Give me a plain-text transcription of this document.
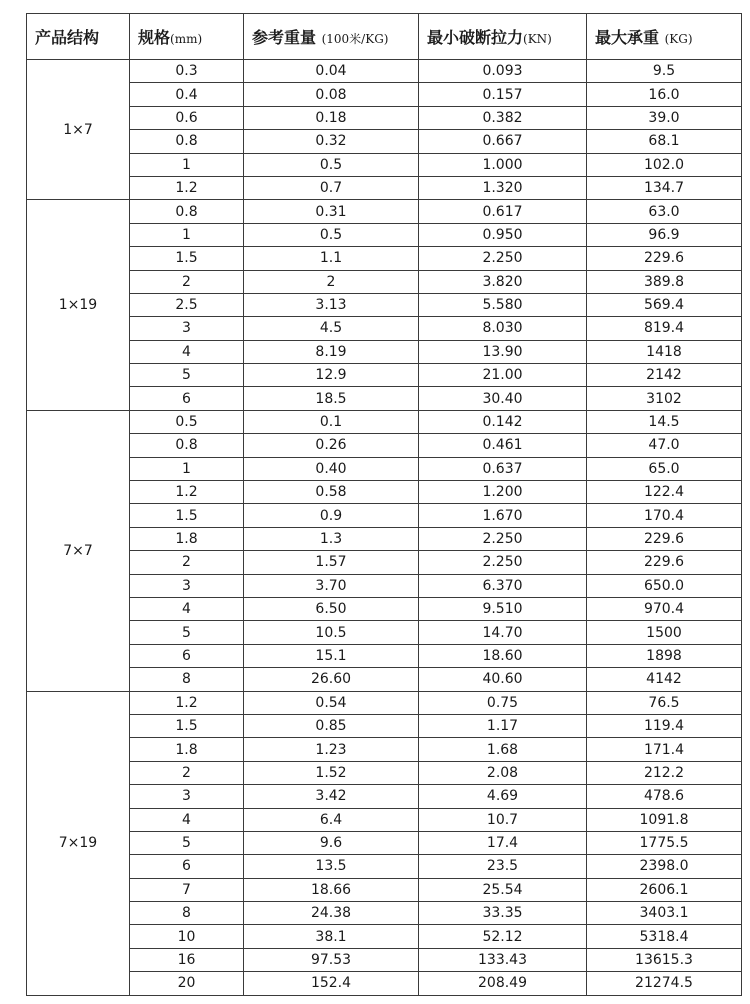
产品结构	规格(mm)	参考重量 (100米/KG)	最小破断拉力(KN)	最大承重 (KG)
1×7	0.3	0.04	0.093	9.5
	0.4	0.08	0.157	16.0
	0.6	0.18	0.382	39.0
	0.8	0.32	0.667	68.1
	1	0.5	1.000	102.0
	1.2	0.7	1.320	134.7
1×19	0.8	0.31	0.617	63.0
	1	0.5	0.950	96.9
	1.5	1.1	2.250	229.6
	2	2	3.820	389.8
	2.5	3.13	5.580	569.4
	3	4.5	8.030	819.4
	4	8.19	13.90	1418
	5	12.9	21.00	2142
	6	18.5	30.40	3102
7×7	0.5	0.1	0.142	14.5
	0.8	0.26	0.461	47.0
	1	0.40	0.637	65.0
	1.2	0.58	1.200	122.4
	1.5	0.9	1.670	170.4
	1.8	1.3	2.250	229.6
	2	1.57	2.250	229.6
	3	3.70	6.370	650.0
	4	6.50	9.510	970.4
	5	10.5	14.70	1500
	6	15.1	18.60	1898
	8	26.60	40.60	4142
7×19	1.2	0.54	0.75	76.5
	1.5	0.85	1.17	119.4
	1.8	1.23	1.68	171.4
	2	1.52	2.08	212.2
	3	3.42	4.69	478.6
	4	6.4	10.7	1091.8
	5	9.6	17.4	1775.5
	6	13.5	23.5	2398.0
	7	18.66	25.54	2606.1
	8	24.38	33.35	3403.1
	10	38.1	52.12	5318.4
	16	97.53	133.43	13615.3
	20	152.4	208.49	21274.5
